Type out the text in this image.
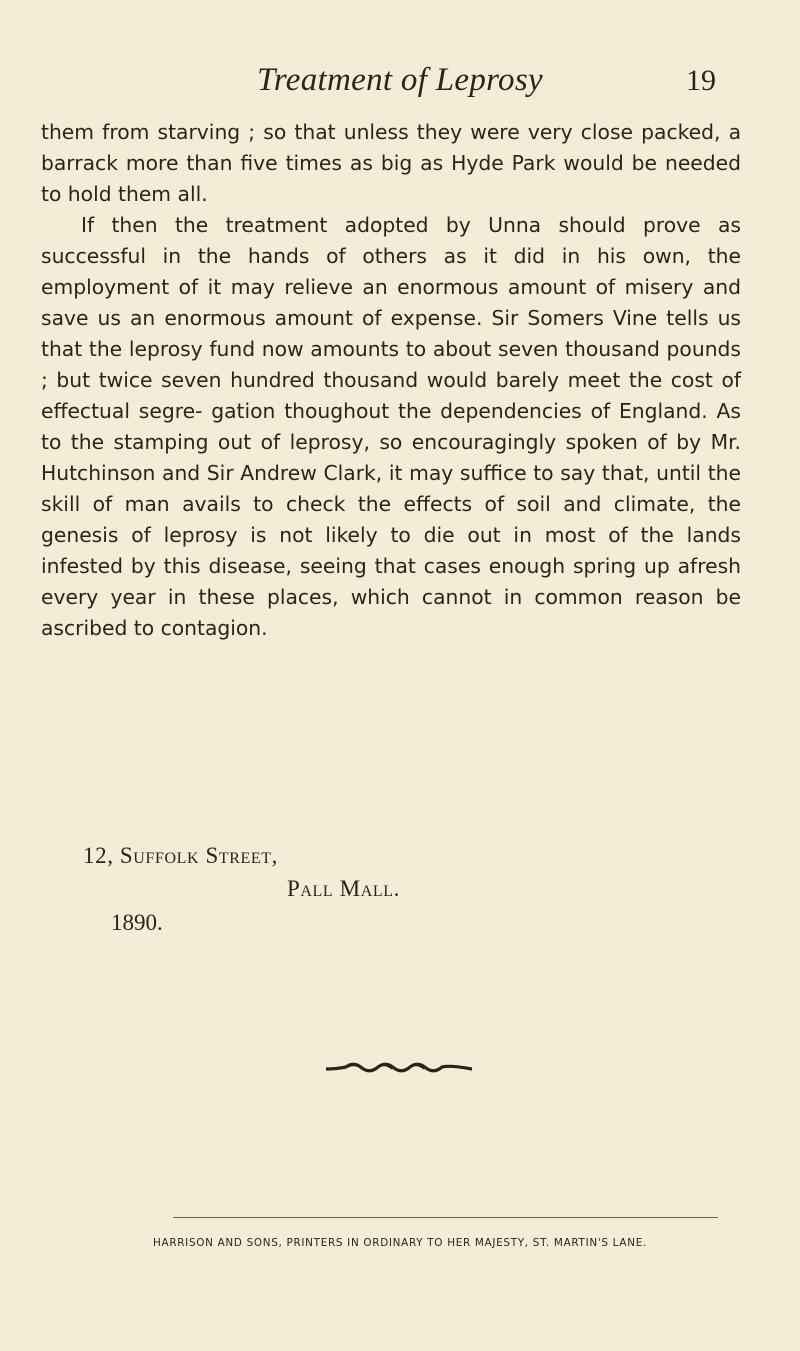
Treatment of Leprosy	19

them from starving ; so that unless they were very close packed, a barrack more than five times as big as Hyde Park would be needed to hold them all.

If then the treatment adopted by Unna should prove as successful in the hands of others as it did in his own, the employment of it may relieve an enormous amount of misery and save us an enormous amount of expense. Sir Somers Vine tells us that the leprosy fund now amounts to about seven thousand pounds ; but twice seven hundred thousand would barely meet the cost of effectual segre- gation thoughout the dependencies of England. As to the stamping out of leprosy, so encouragingly spoken of by Mr. Hutchinson and Sir Andrew Clark, it may suffice to say that, until the skill of man avails to check the effects of soil and climate, the genesis of leprosy is not likely to die out in most of the lands infested by this disease, seeing that cases enough spring up afresh every year in these places, which cannot in common reason be ascribed to contagion.

12, Suffolk Street,
Pall Mall.
1890.
HARRISON AND SONS, PRINTERS IN ORDINARY TO HER MAJESTY, ST. MARTIN'S LANE.
